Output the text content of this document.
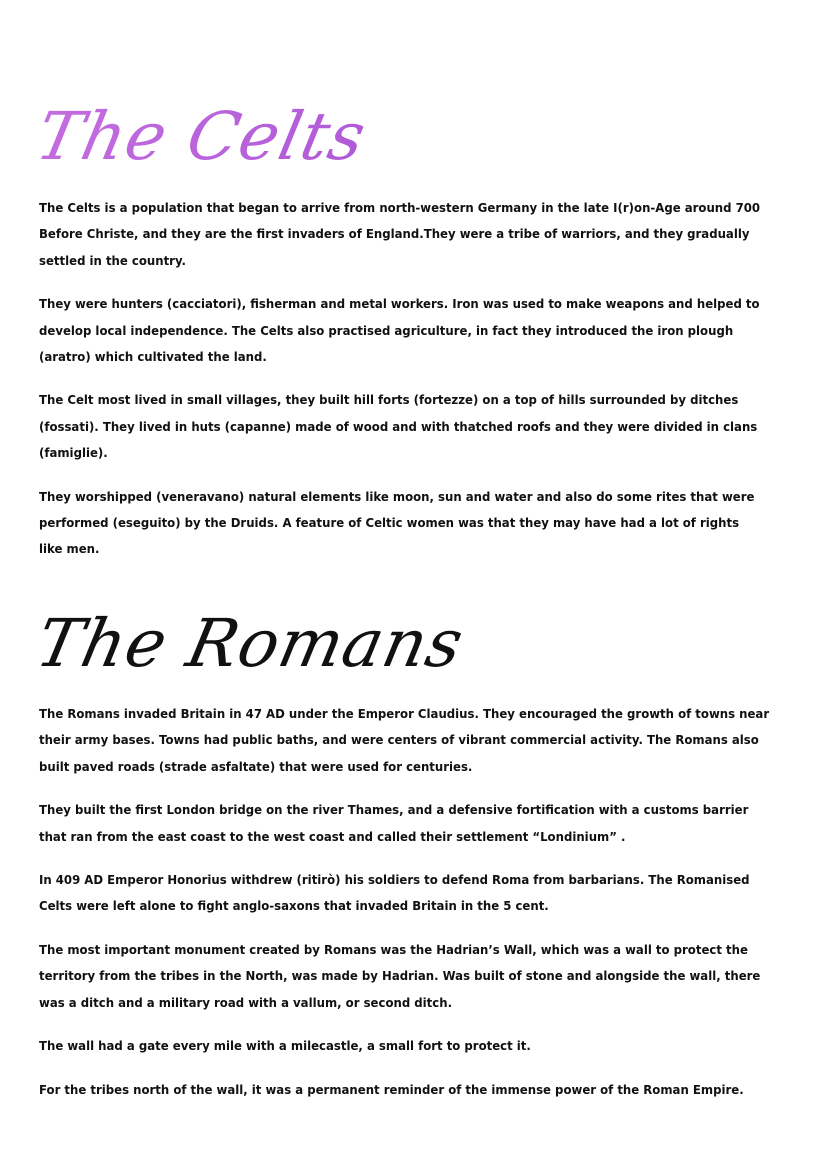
The Celts
The Celts is a population that began to arrive from north-western Germany in the late I(r)on-Age around 700
Before Christe, and they are the first invaders of England.They were a tribe of warriors, and they gradually
settled in the country.
They were hunters (cacciatori), fisherman and metal workers. Iron was used to make weapons and helped to
develop local independence. The Celts also practised agriculture, in fact they introduced the iron plough
(aratro) which cultivated the land.
The Celt most lived in small villages, they built hill forts (fortezze) on a top of hills surrounded by ditches
(fossati). They lived in huts (capanne) made of wood and with thatched roofs and they were divided in clans
(famiglie).
They worshipped (veneravano) natural elements like moon, sun and water and also do some rites that were
performed (eseguito) by the Druids. A feature of Celtic women was that they may have had a lot of rights
like men.
The Romans
The Romans invaded Britain in 47 AD under the Emperor Claudius. They encouraged the growth of towns near
their army bases. Towns had public baths, and were centers of vibrant commercial activity. The Romans also
built paved roads (strade asfaltate) that were used for centuries.
They built the first London bridge on the river Thames, and a defensive fortification with a customs barrier
that ran from the east coast to the west coast and called their settlement “Londinium” .
In 409 AD Emperor Honorius withdrew (ritirò) his soldiers to defend Roma from barbarians. The Romanised
Celts were left alone to fight anglo-saxons that invaded Britain in the 5 cent.
The most important monument created by Romans was the Hadrian’s Wall, which was a wall to protect the
territory from the tribes in the North, was made by Hadrian. Was built of stone and alongside the wall, there
was a ditch and a military road with a vallum, or second ditch.
The wall had a gate every mile with a milecastle, a small fort to protect it.
For the tribes north of the wall, it was a permanent reminder of the immense power of the Roman Empire.
